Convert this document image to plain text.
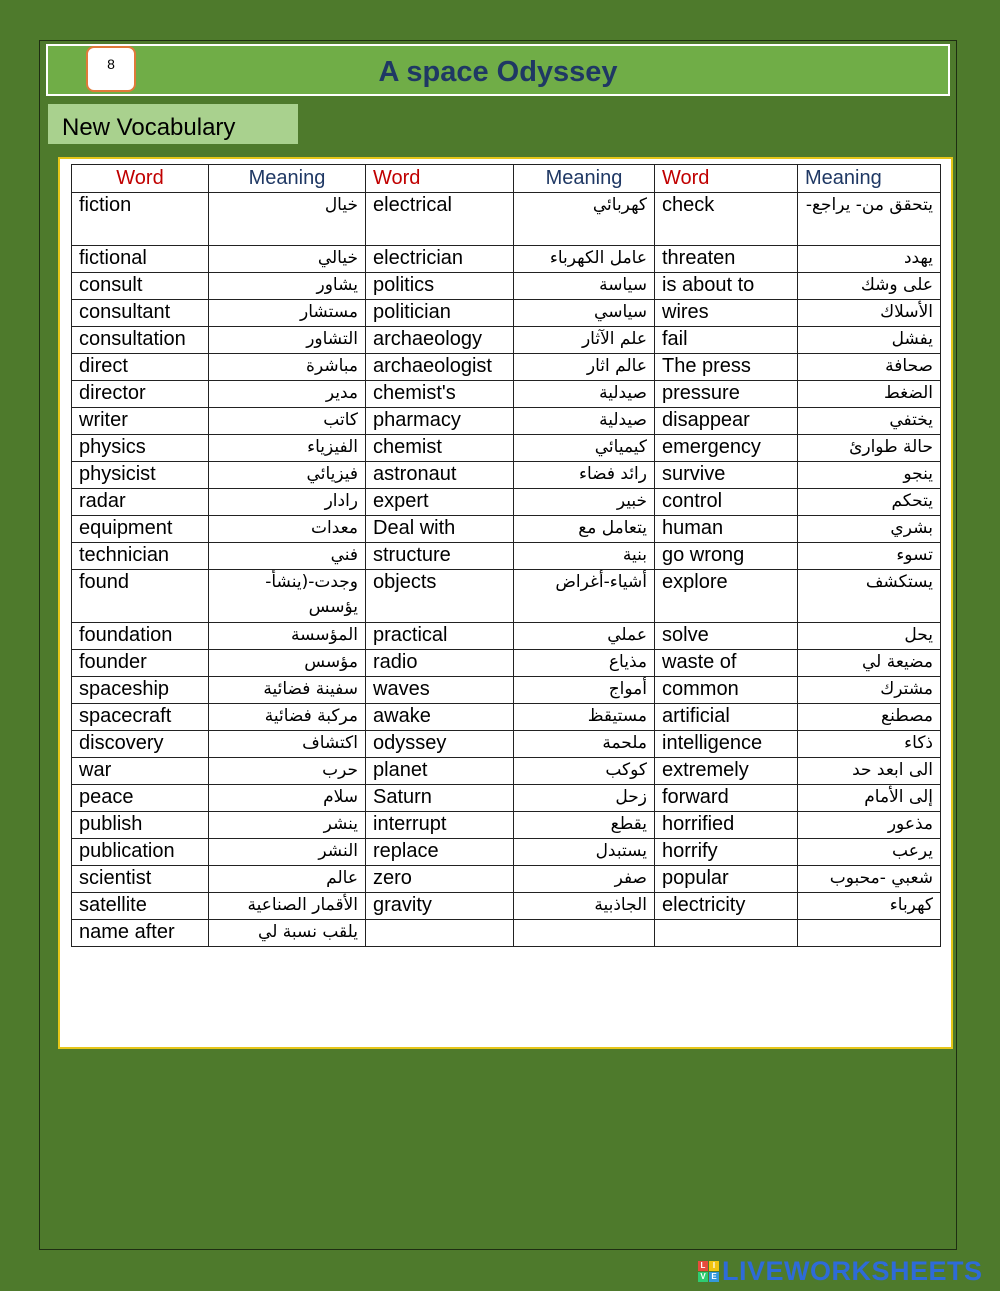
8	A space Odyssey
New Vocabulary
Word	Meaning	Word	Meaning	Word	Meaning
fiction	خيال	electrical	كهربائي	check	يتحقق من- يراجع-
fictional	خيالي	electrician	عامل الكهرباء	threaten	يهدد
consult	يشاور	politics	سياسة	is about to	على وشك
consultant	مستشار	politician	سياسي	wires	الأسلاك
consultation	التشاور	archaeology	علم الآثار	fail	يفشل
direct	مباشرة	archaeologist	عالم اثار	The press	صحافة
director	مدير	chemist's	صيدلية	pressure	الضغط
writer	كاتب	pharmacy	صيدلية	disappear	يختفي
physics	الفيزياء	chemist	كيميائي	emergency	حالة طوارئ
physicist	فيزيائي	astronaut	رائد فضاء	survive	ينجو
radar	رادار	expert	خبير	control	يتحكم
equipment	معدات	Deal with	يتعامل مع	human	بشري
technician	فني	structure	بنية	go wrong	تسوء
found	وجدت-(ينشأ- يؤسس	objects	أشياء-أغراض	explore	يستكشف
foundation	المؤسسة	practical	عملي	solve	يحل
founder	مؤسس	radio	مذياع	waste of	مضيعة لي
spaceship	سفينة فضائية	waves	أمواج	common	مشترك
spacecraft	مركبة فضائية	awake	مستيقظ	artificial	مصطنع
discovery	اكتشاف	odyssey	ملحمة	intelligence	ذكاء
war	حرب	planet	كوكب	extremely	الى ابعد حد
peace	سلام	Saturn	زحل	forward	إلى الأمام
publish	ينشر	interrupt	يقطع	horrified	مذعور
publication	النشر	replace	يستبدل	horrify	يرعب
scientist	عالم	zero	صفر	popular	شعبي -محبوب
satellite	الأقمار الصناعية	gravity	الجاذبية	electricity	كهرباء
name after	يلقب نسبة لي				
L I
V E LIVEWORKSHEETS
